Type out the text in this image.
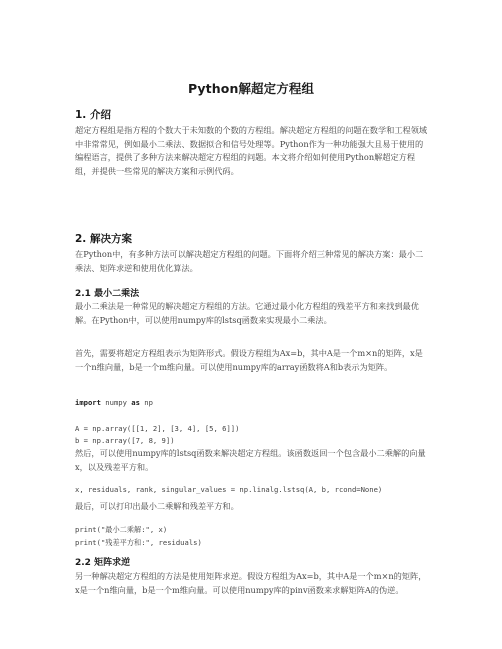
Python解超定方程组
1. 介绍

超定方程组是指方程的个数大于未知数的个数的方程组。解决超定方程组的问题在数学和工程领域中非常常见，例如最小二乘法、数据拟合和信号处理等。Python作为一种功能强大且易于使用的编程语言，提供了多种方法来解决超定方程组的问题。本文将介绍如何使用Python解超定方程组，并提供一些常见的解决方案和示例代码。

2. 解决方案

在Python中，有多种方法可以解决超定方程组的问题。下面将介绍三种常见的解决方案：最小二乘法、矩阵求逆和使用优化算法。

2.1 最小二乘法

最小二乘法是一种常见的解决超定方程组的方法。它通过最小化方程组的残差平方和来找到最优解。在Python中，可以使用numpy库的lstsq函数来实现最小二乘法。

首先，需要将超定方程组表示为矩阵形式。假设方程组为Ax=b，其中A是一个m×n的矩阵，x是一个n维向量，b是一个m维向量。可以使用numpy库的array函数将A和b表示为矩阵。

import numpy as np
A = np.array([[1, 2], [3, 4], [5, 6]])
b = np.array([7, 8, 9])

然后，可以使用numpy库的lstsq函数来解决超定方程组。该函数返回一个包含最小二乘解的向量x，以及残差平方和。

x, residuals, rank, singular_values = np.linalg.lstsq(A, b, rcond=None)

最后，可以打印出最小二乘解和残差平方和。

print("最小二乘解:", x)
print("残差平方和:", residuals)
2.2 矩阵求逆

另一种解决超定方程组的方法是使用矩阵求逆。假设方程组为Ax=b，其中A是一个m×n的矩阵，x是一个n维向量，b是一个m维向量。可以使用numpy库的pinv函数来求解矩阵A的伪逆。
